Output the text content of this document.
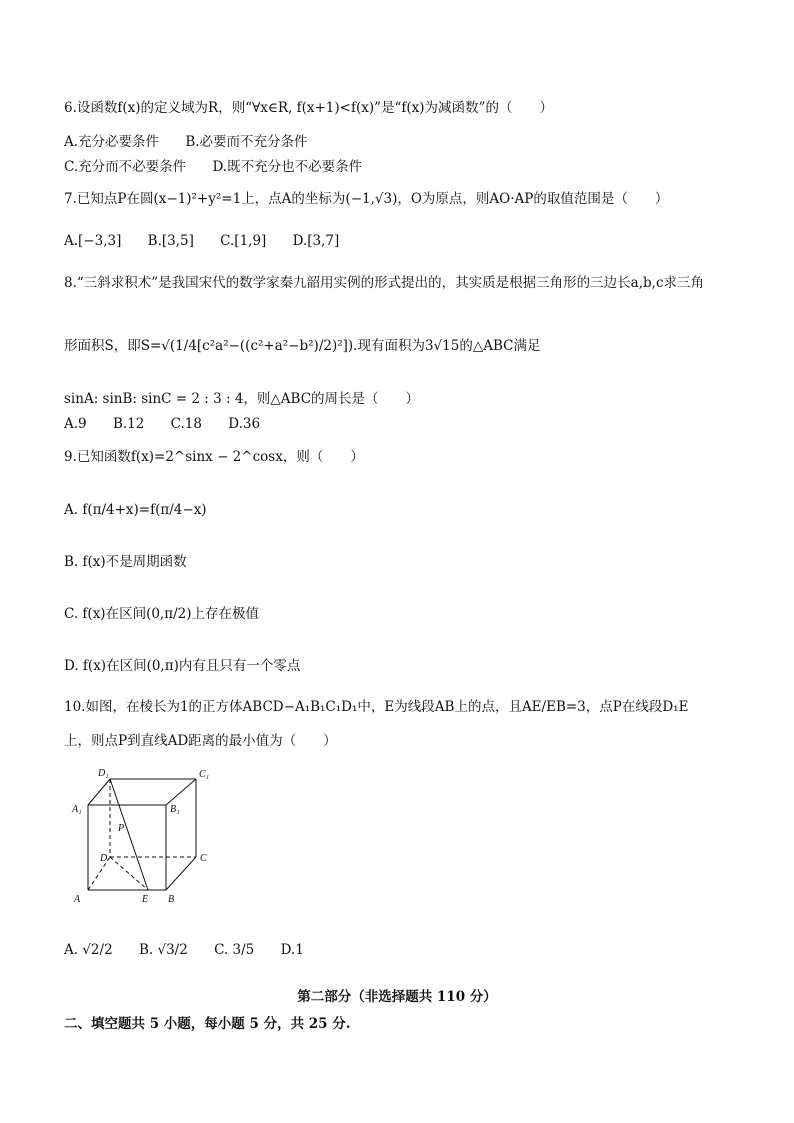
6.设函数f(x)的定义域为R，则“∀x∈R, f(x+1)<f(x)”是“f(x)为减函数”的（　　）
A.充分必要条件 B.必要而不充分条件
C.充分而不必要条件 D.既不充分也不必要条件
7.已知点P在圆(x−1)²+y²=1上，点A的坐标为(−1,√3)，O为原点，则AO·AP的取值范围是（　　）
A.[−3,3] B.[3,5] C.[1,9] D.[3,7]
8.“三斜求积术”是我国宋代的数学家秦九韶用实例的形式提出的，其实质是根据三角形的三边长a,b,c求三角
形面积S，即S=√(1/4[c²a²−((c²+a²−b²)/2)²]).现有面积为3√15的△ABC满足
sinA: sinB: sinC = 2 : 3 : 4，则△ABC的周长是（　　）
A.9 B.12 C.18 D.36
9.已知函数f(x)=2^sinx − 2^cosx，则（　　）
A. f(π/4+x)=f(π/4−x)
B. f(x)不是周期函数
C. f(x)在区间(0,π/2)上存在极值
D. f(x)在区间(0,π)内有且只有一个零点
10.如图，在棱长为1的正方体ABCD−A₁B₁C₁D₁中，E为线段AB上的点，且AE/EB=3，点P在线段D₁E
上，则点P到直线AD距离的最小值为（　　）
D₁	C₁
A₁	B₁
P
D	C
A	E B
A. √2/2 B. √3/2 C. 3/5 D.1
第二部分（非选择题共 110 分）
二、填空题共 5 小题，每小题 5 分，共 25 分.
